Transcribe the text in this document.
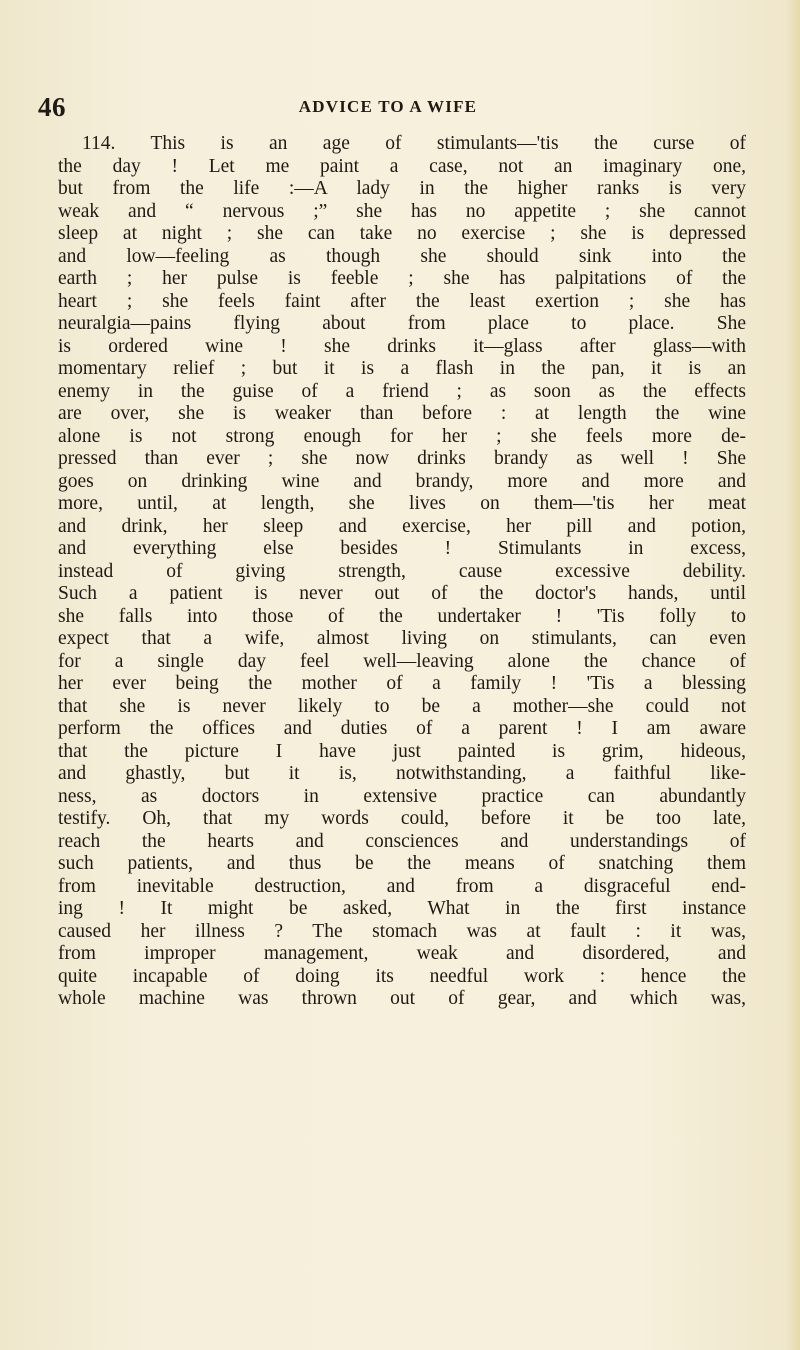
46	ADVICE TO A WIFE
114. This is an age of stimulants—'tis the curse of
the day ! Let me paint a case, not an imaginary one,
but from the life :—A lady in the higher ranks is very
weak and “ nervous ;” she has no appetite ; she cannot
sleep at night ; she can take no exercise ; she is depressed
and low—feeling as though she should sink into the
earth ; her pulse is feeble ; she has palpitations of the
heart ; she feels faint after the least exertion ; she has
neuralgia—pains flying about from place to place. She
is ordered wine ! she drinks it—glass after glass—with
momentary relief ; but it is a flash in the pan, it is an
enemy in the guise of a friend ; as soon as the effects
are over, she is weaker than before : at length the wine
alone is not strong enough for her ; she feels more de-
pressed than ever ; she now drinks brandy as well ! She
goes on drinking wine and brandy, more and more and
more, until, at length, she lives on them—'tis her meat
and drink, her sleep and exercise, her pill and potion,
and everything else besides ! Stimulants in excess,
instead of giving strength, cause excessive debility.
Such a patient is never out of the doctor's hands, until
she falls into those of the undertaker ! 'Tis folly to
expect that a wife, almost living on stimulants, can even
for a single day feel well—leaving alone the chance of
her ever being the mother of a family ! 'Tis a blessing
that she is never likely to be a mother—she could not
perform the offices and duties of a parent ! I am aware
that the picture I have just painted is grim, hideous,
and ghastly, but it is, notwithstanding, a faithful like-
ness, as doctors in extensive practice can abundantly
testify. Oh, that my words could, before it be too late,
reach the hearts and consciences and understandings of
such patients, and thus be the means of snatching them
from inevitable destruction, and from a disgraceful end-
ing ! It might be asked, What in the first instance
caused her illness ? The stomach was at fault : it was,
from improper management, weak and disordered, and
quite incapable of doing its needful work : hence the
whole machine was thrown out of gear, and which was,
